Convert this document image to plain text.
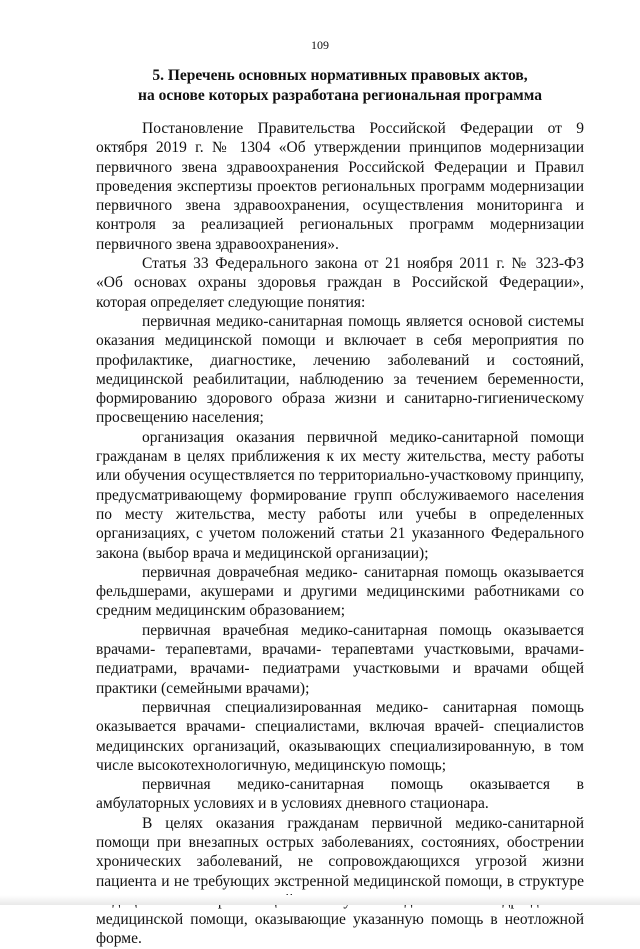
109
5. Перечень основных нормативных правовых актов,
на основе которых разработана региональная программа

Постановление Правительства Российской Федерации от 9 октября 2019 г. № 1304 «Об утверждении принципов модернизации первичного звена здравоохранения Российской Федерации и Правил проведения экспертизы проектов региональных программ модернизации первичного звена здравоохранения, осуществления мониторинга и контроля за реализацией региональных программ модернизации первичного звена здравоохранения».

Статья 33 Федерального закона от 21 ноября 2011 г. № 323-ФЗ «Об основах охраны здоровья граждан в Российской Федерации», которая определяет следующие понятия:

первичная медико-санитарная помощь является основой системы оказания медицинской помощи и включает в себя мероприятия по профилактике, диагностике, лечению заболеваний и состояний, медицинской реабилитации, наблюдению за течением беременности, формированию здорового образа жизни и санитарно-гигиеническому просвещению населения;

организация оказания первичной медико-санитарной помощи гражданам в целях приближения к их месту жительства, месту работы или обучения осуществляется по территориально-участковому принципу, предусматривающему формирование групп обслуживаемого населения по месту жительства, месту работы или учебы в определенных организациях, с учетом положений статьи 21 указанного Федерального закона (выбор врача и медицинской организации);

первичная доврачебная медико- санитарная помощь оказывается фельдшерами, акушерами и другими медицинскими работниками со средним медицинским образованием;

первичная врачебная медико-санитарная помощь оказывается врачами- терапевтами, врачами- терапевтами участковыми, врачами-педиатрами, врачами- педиатрами участковыми и врачами общей практики (семейными врачами);

первичная специализированная медико- санитарная помощь оказывается врачами- специалистами, включая врачей- специалистов медицинских организаций, оказывающих специализированную, в том числе высокотехнологичную, медицинскую помощь;

первичная медико-санитарная помощь оказывается в амбулаторных условиях и в условиях дневного стационара.

В целях оказания гражданам первичной медико-санитарной помощи при внезапных острых заболеваниях, состояниях, обострении хронических заболеваний, не сопровождающихся угрозой жизни пациента и не требующих экстренной медицинской помощи, в структуре медицинской помощи, оказывающие указанную помощь в неотложной форме.
